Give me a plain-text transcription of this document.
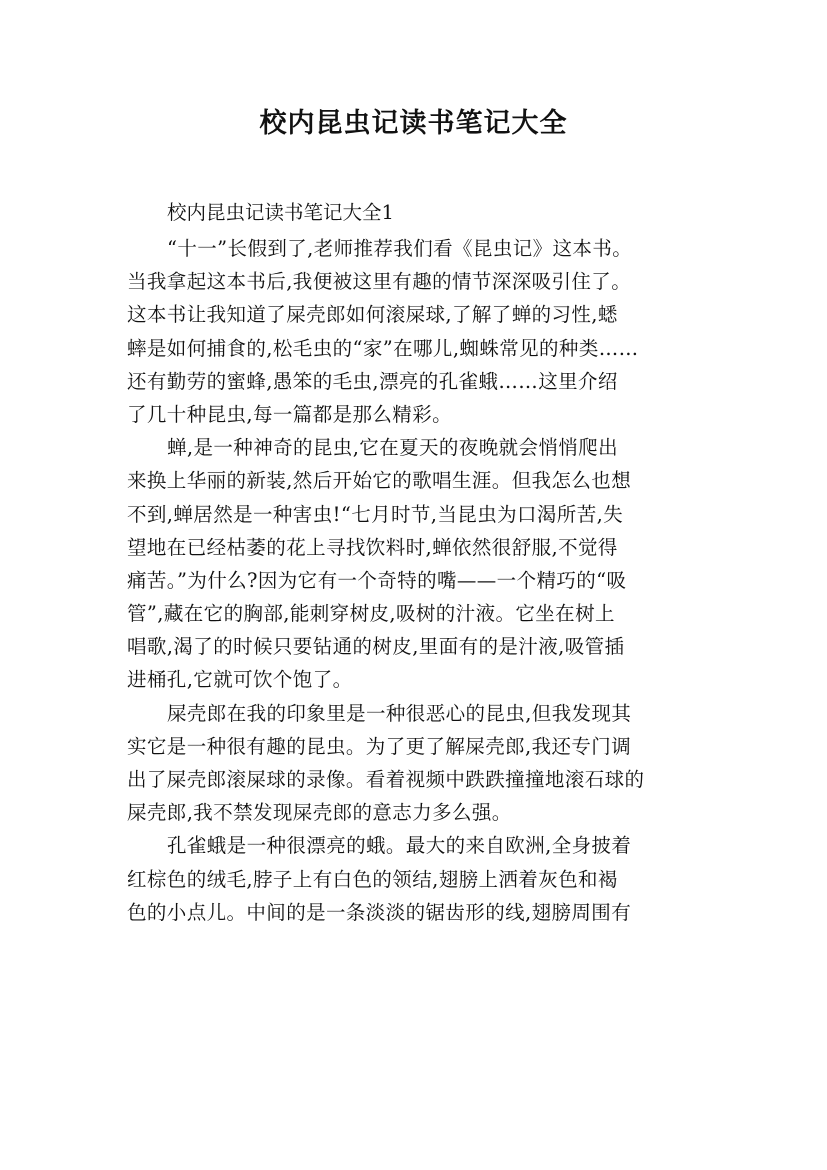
校内昆虫记读书笔记大全
校内昆虫记读书笔记大全1
“十一”长假到了,老师推荐我们看《昆虫记》这本书。
当我拿起这本书后,我便被这里有趣的情节深深吸引住了。
这本书让我知道了屎壳郎如何滚屎球,了解了蝉的习性,蟋
蟀是如何捕食的,松毛虫的“家”在哪儿,蜘蛛常见的种类……
还有勤劳的蜜蜂,愚笨的毛虫,漂亮的孔雀蛾……这里介绍
了几十种昆虫,每一篇都是那么精彩。
蝉,是一种神奇的昆虫,它在夏天的夜晚就会悄悄爬出
来换上华丽的新装,然后开始它的歌唱生涯。但我怎么也想
不到,蝉居然是一种害虫!“七月时节,当昆虫为口渴所苦,失
望地在已经枯萎的花上寻找饮料时,蝉依然很舒服,不觉得
痛苦。”为什么?因为它有一个奇特的嘴——一个精巧的“吸
管”,藏在它的胸部,能刺穿树皮,吸树的汁液。它坐在树上
唱歌,渴了的时候只要钻通的树皮,里面有的是汁液,吸管插
进桶孔,它就可饮个饱了。
屎壳郎在我的印象里是一种很恶心的昆虫,但我发现其
实它是一种很有趣的昆虫。为了更了解屎壳郎,我还专门调
出了屎壳郎滚屎球的录像。看着视频中跌跌撞撞地滚石球的
屎壳郎,我不禁发现屎壳郎的意志力多么强。
孔雀蛾是一种很漂亮的蛾。最大的来自欧洲,全身披着
红棕色的绒毛,脖子上有白色的领结,翅膀上洒着灰色和褐
色的小点儿。中间的是一条淡淡的锯齿形的线,翅膀周围有
